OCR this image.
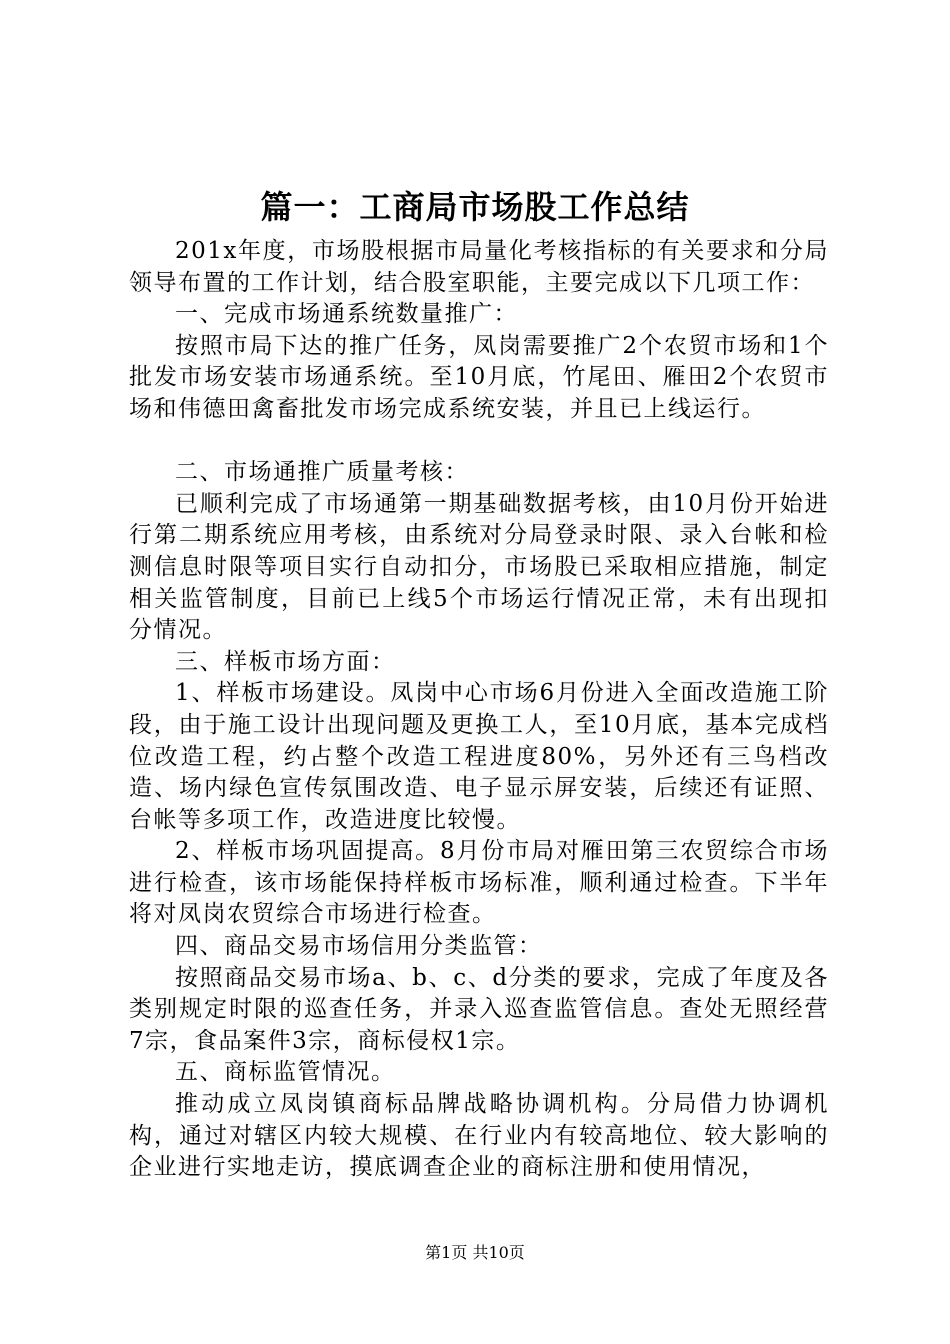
篇一：工商局市场股工作总结

201x年度，市场股根据市局量化考核指标的有关要求和分局领导布置的工作计划，结合股室职能，主要完成以下几项工作：

一、完成市场通系统数量推广：

按照市局下达的推广任务，凤岗需要推广2个农贸市场和1个批发市场安装市场通系统。至10月底，竹尾田、雁田2个农贸市场和伟德田禽畜批发市场完成系统安装，并且已上线运行。

二、市场通推广质量考核：

已顺利完成了市场通第一期基础数据考核，由10月份开始进行第二期系统应用考核，由系统对分局登录时限、录入台帐和检测信息时限等项目实行自动扣分，市场股已采取相应措施，制定相关监管制度，目前已上线5个市场运行情况正常，未有出现扣分情况。

三、样板市场方面：

1、样板市场建设。凤岗中心市场6月份进入全面改造施工阶段，由于施工设计出现问题及更换工人，至10月底，基本完成档位改造工程，约占整个改造工程进度80%，另外还有三鸟档改造、场内绿色宣传氛围改造、电子显示屏安装，后续还有证照、台帐等多项工作，改造进度比较慢。

2、样板市场巩固提高。8月份市局对雁田第三农贸综合市场进行检查，该市场能保持样板市场标准，顺利通过检查。下半年将对凤岗农贸综合市场进行检查。

四、商品交易市场信用分类监管：

按照商品交易市场a、b、c、d分类的要求，完成了年度及各类别规定时限的巡查任务，并录入巡查监管信息。查处无照经营7宗，食品案件3宗，商标侵权1宗。

五、商标监管情况。

推动成立凤岗镇商标品牌战略协调机构。分局借力协调机构，通过对辖区内较大规模、在行业内有较高地位、较大影响的企业进行实地走访，摸底调查企业的商标注册和使用情况，

第1页 共10页
